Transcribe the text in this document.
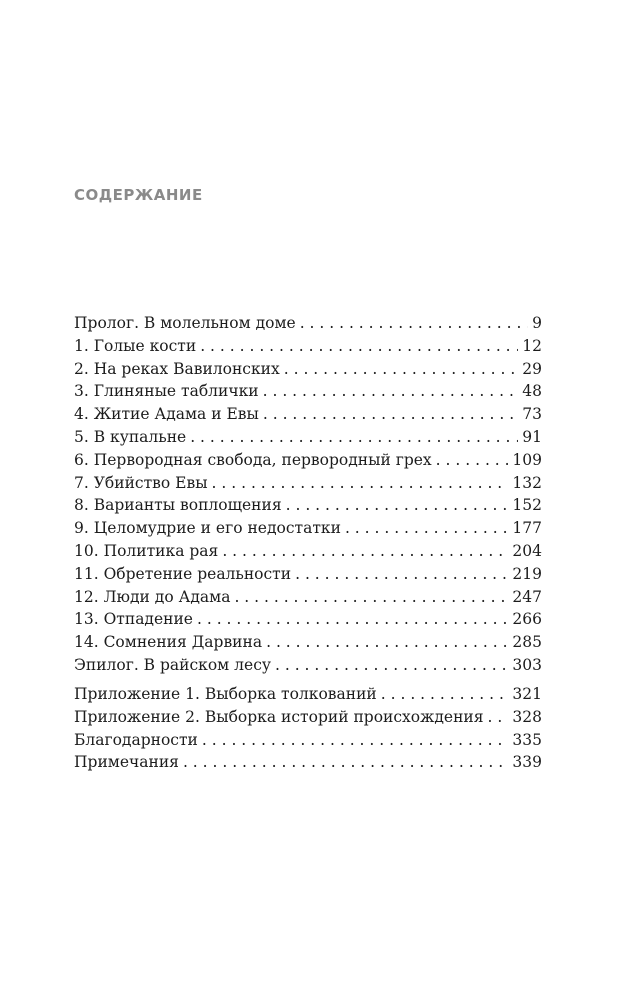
СОДЕРЖАНИЕ
Пролог. В молельном доме . . .	9
1. Голые кости . . .	12
2. На реках Вавилонских . . .	29
3. Глиняные таблички . . .	48
4. Житие Адама и Евы . . .	73
5. В купальне . . .	91
6. Первородная свобода, первородный грех . . .	109
7. Убийство Евы . . .	132
8. Варианты воплощения . . .	152
9. Целомудрие и его недостатки . . .	177
10. Политика рая . . .	204
11. Обретение реальности . . .	219
12. Люди до Адама . . .	247
13. Отпадение . . .	266
14. Сомнения Дарвина . . .	285
Эпилог. В райском лесу . . .	303
Приложение 1. Выборка толкований . . .	321
Приложение 2. Выборка историй происхождения . . . 328
Благодарности . . .	335
Примечания . . .	339
